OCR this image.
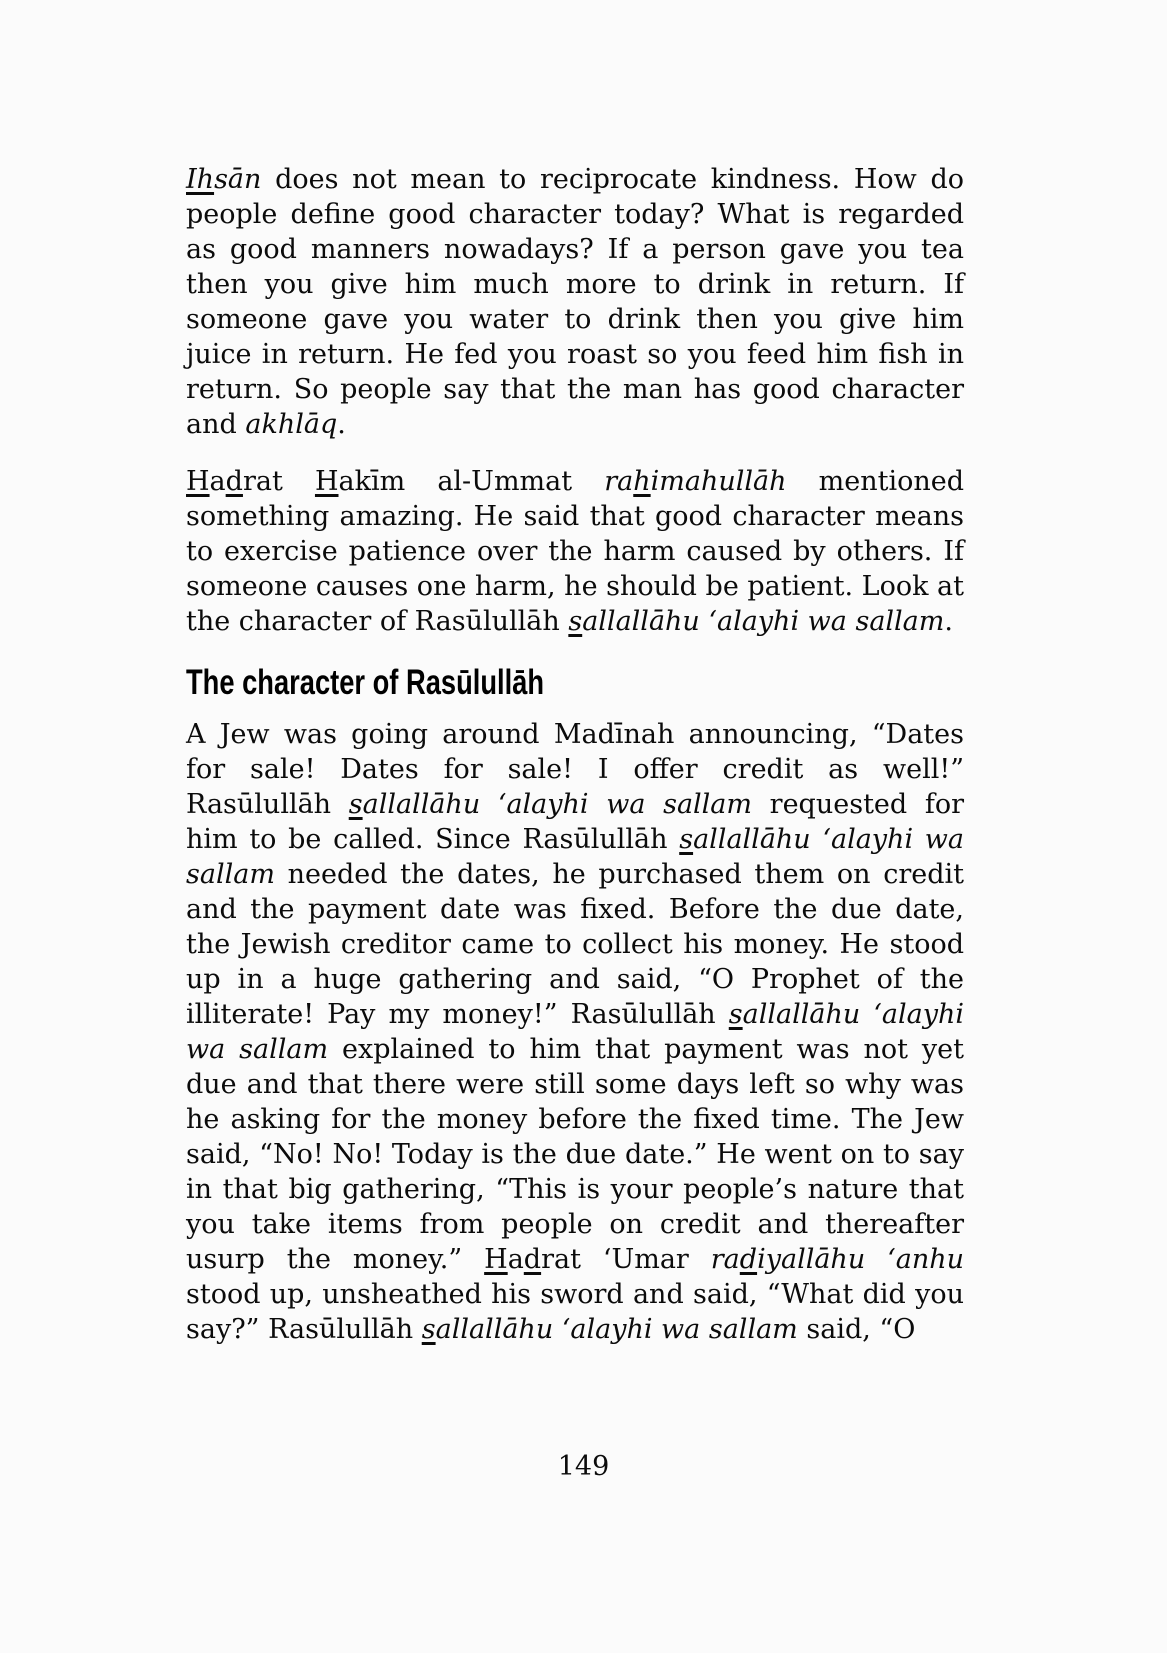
Ihsān does not mean to reciprocate kindness. How do people define good character today? What is regarded as good manners nowadays? If a person gave you tea then you give him much more to drink in return. If someone gave you water to drink then you give him juice in return. He fed you roast so you feed him fish in return. So people say that the man has good character and akhlāq.

Hadrat Hakīm al-Ummat rahimahullāh mentioned something amazing. He said that good character means to exercise patience over the harm caused by others. If someone causes one harm, he should be patient. Look at the character of Rasūlullāh sallallāhu ‘alayhi wa sallam.

The character of Rasūlullāh

A Jew was going around Madīnah announcing, “Dates for sale! Dates for sale! I offer credit as well!” Rasūlullāh sallallāhu ‘alayhi wa sallam requested for him to be called. Since Rasūlullāh sallallāhu ‘alayhi wa sallam needed the dates, he purchased them on credit and the payment date was fixed. Before the due date, the Jewish creditor came to collect his money. He stood up in a huge gathering and said, “O Prophet of the illiterate! Pay my money!” Rasūlullāh sallallāhu ‘alayhi wa sallam explained to him that payment was not yet due and that there were still some days left so why was he asking for the money before the fixed time. The Jew said, “No! No! Today is the due date.” He went on to say in that big gathering, “This is your people’s nature that you take items from people on credit and thereafter usurp the money.” Hadrat ‘Umar radiyallāhu ‘anhu stood up, unsheathed his sword and said, “What did you say?” Rasūlullāh sallallāhu ‘alayhi wa sallam said, “O

149
